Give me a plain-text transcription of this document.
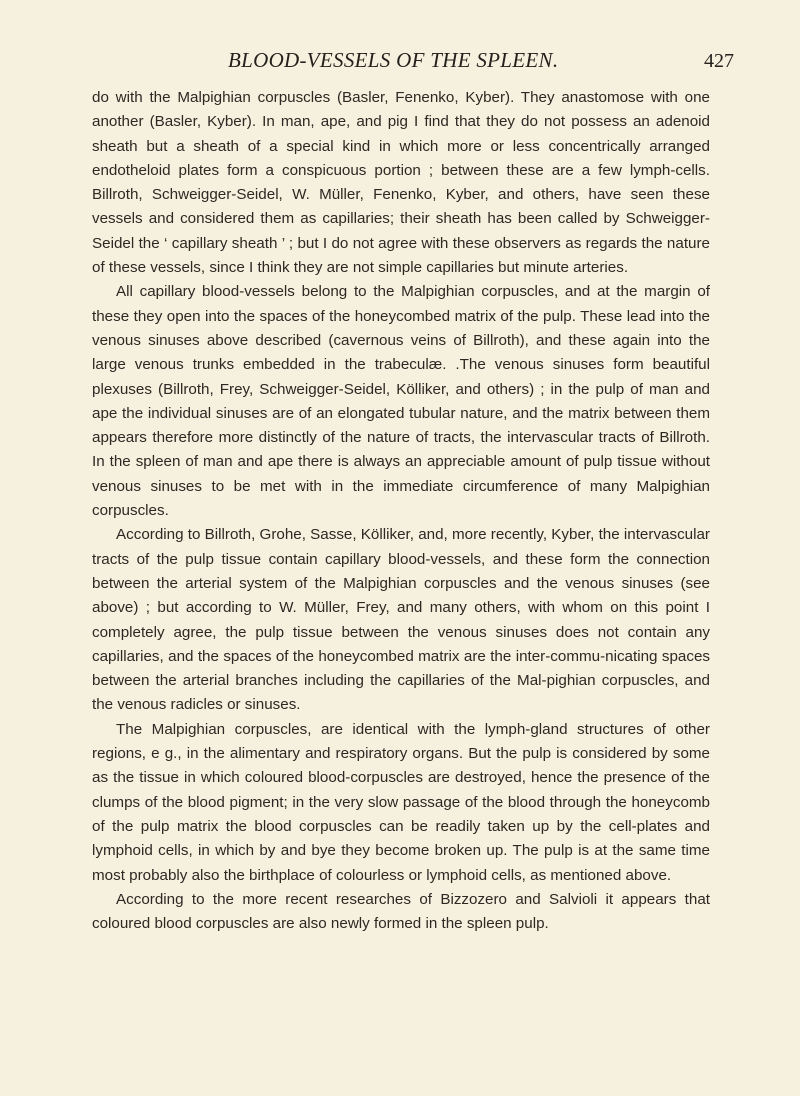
BLOOD-VESSELS OF THE SPLEEN.	427

do with the Malpighian corpuscles (Basler, Fenenko, Kyber). They anastomose with one another (Basler, Kyber). In man, ape, and pig I find that they do not possess an adenoid sheath but a sheath of a special kind in which more or less concentrically arranged endotheloid plates form a conspicuous portion ; between these are a few lymph-cells. Billroth, Schweigger-Seidel, W. Müller, Fenenko, Kyber, and others, have seen these vessels and considered them as capillaries; their sheath has been called by Schweigger-Seidel the ‘ capillary sheath ’ ; but I do not agree with these observers as regards the nature of these vessels, since I think they are not simple capillaries but minute arteries.

All capillary blood-vessels belong to the Malpighian corpuscles, and at the margin of these they open into the spaces of the honeycombed matrix of the pulp. These lead into the venous sinuses above described (cavernous veins of Billroth), and these again into the large venous trunks embedded in the trabeculæ. .The venous sinuses form beautiful plexuses (Billroth, Frey, Schweigger-Seidel, Kölliker, and others) ; in the pulp of man and ape the individual sinuses are of an elongated tubular nature, and the matrix between them appears therefore more distinctly of the nature of tracts, the intervascular tracts of Billroth. In the spleen of man and ape there is always an appreciable amount of pulp tissue without venous sinuses to be met with in the immediate circumference of many Malpighian corpuscles.

According to Billroth, Grohe, Sasse, Kölliker, and, more recently, Kyber, the intervascular tracts of the pulp tissue contain capillary blood-vessels, and these form the connection between the arterial system of the Malpighian corpuscles and the venous sinuses (see above) ; but according to W. Müller, Frey, and many others, with whom on this point I completely agree, the pulp tissue between the venous sinuses does not contain any capillaries, and the spaces of the honeycombed matrix are the inter-commu-nicating spaces between the arterial branches including the capillaries of the Mal-pighian corpuscles, and the venous radicles or sinuses.

The Malpighian corpuscles, are identical with the lymph-gland structures of other regions, e g., in the alimentary and respiratory organs. But the pulp is considered by some as the tissue in which coloured blood-corpuscles are destroyed, hence the presence of the clumps of the blood pigment; in the very slow passage of the blood through the honeycomb of the pulp matrix the blood corpuscles can be readily taken up by the cell-plates and lymphoid cells, in which by and bye they become broken up. The pulp is at the same time most probably also the birthplace of colourless or lymphoid cells, as mentioned above.

According to the more recent researches of Bizzozero and Salvioli it appears that coloured blood corpuscles are also newly formed in the spleen pulp.
